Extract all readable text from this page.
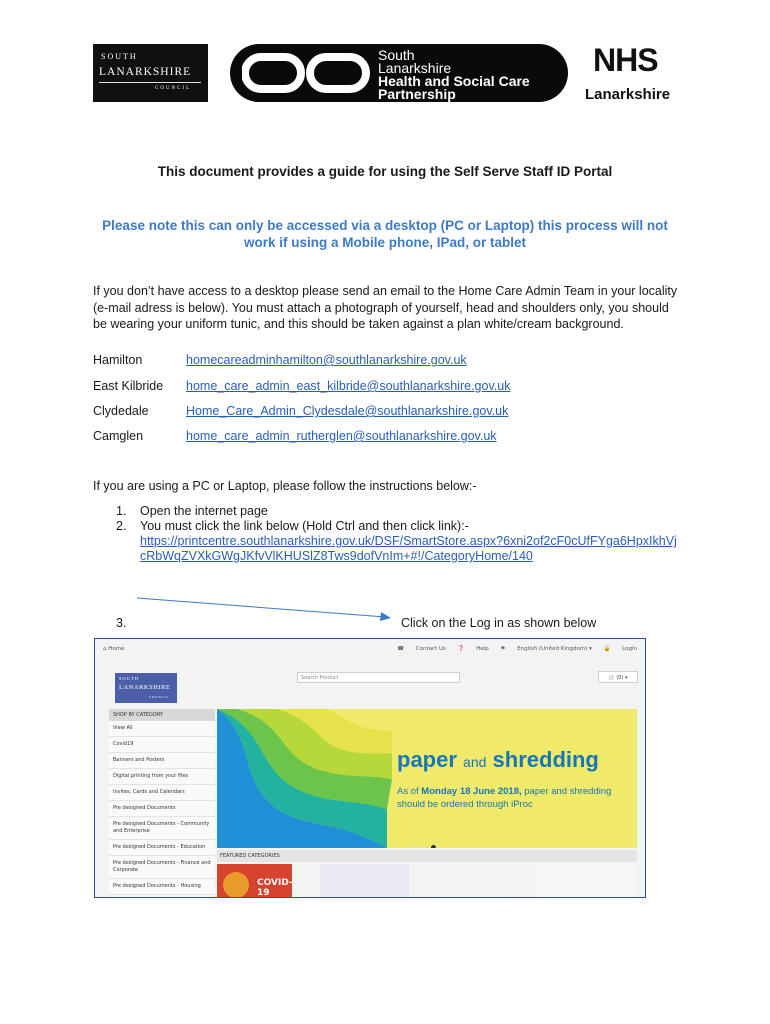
SOUTH
LANARKSHIRE
COUNCIL
South
Lanarkshire
Health and Social Care
Partnership
NHS
Lanarkshire
This document provides a guide for using the Self Serve Staff ID Portal
Please note this can only be accessed via a desktop (PC or Laptop) this process will not work if using a Mobile phone, IPad, or tablet
If you don’t have access to a desktop please send an email to the Home Care Admin Team in your locality (e-mail adress is below). You must attach a photograph of yourself, head and shoulders only, you should be wearing your uniform tunic, and this should be taken against a plan white/cream background.
Hamilton	homecareadminhamilton@southlanarkshire.gov.uk
East Kilbride home_care_admin_east_kilbride@southlanarkshire.gov.uk
Clydedale	Home_Care_Admin_Clydesdale@southlanarkshire.gov.uk
Camglen	home_care_admin_rutherglen@southlanarkshire.gov.uk
If you are using a PC or Laptop, please follow the instructions below:-
1. Open the internet page
2. You must click the link below (Hold Ctrl and then click link):-
https://printcentre.southlanarkshire.gov.uk/DSF/SmartStore.aspx?6xni2of2cF0cUfFYga6HpxIkhVjcRbWqZVXkGWgJKfvVlKHUSlZ8Tws9dofVnIm+#!/CategoryHome/140
3.	Click on the Log in as shown below
⌂ Home	☎ Contact Us ❓ Help ⚑ English (United Kingdom) ▾ 🔒 Login
SOUTH
LANARKSHIRE
COUNCIL
Search Product	🛒 (0) ▾
SHOP BY CATEGORY
View All
Covid19
Banners and Posters
Digital printing from your files
Invites, Cards and Calendars
Pre designed Documents
Pre designed Documents - Community and Enterprise
Pre designed Documents - Education
Pre designed Documents - Finance and Corporate
Pre designed Documents - Housing
paper and shredding
As of Monday 18 June 2018, paper and shredding should be ordered through iProc
FEATURED CATEGORIES
COVID-19
